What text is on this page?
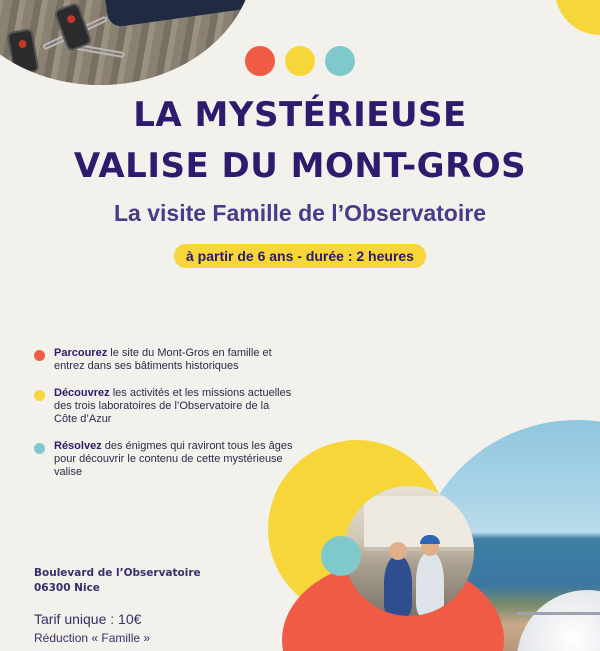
LA MYSTÉRIEUSE
VALISE DU MONT-GROS
La visite Famille de l’Observatoire
à partir de 6 ans - durée : 2 heures

Parcourez le site du Mont-Gros en famille et entrez dans ses bâtiments historiques

Découvrez les activités et les missions actuelles des trois laboratoires de l’Observatoire de la Côte d’Azur

Résolvez des énigmes qui raviront tous les âges pour découvrir le contenu de cette mystérieuse valise

Boulevard de l’Observatoire
06300 Nice
Tarif unique : 10€
Réduction « Famille »
